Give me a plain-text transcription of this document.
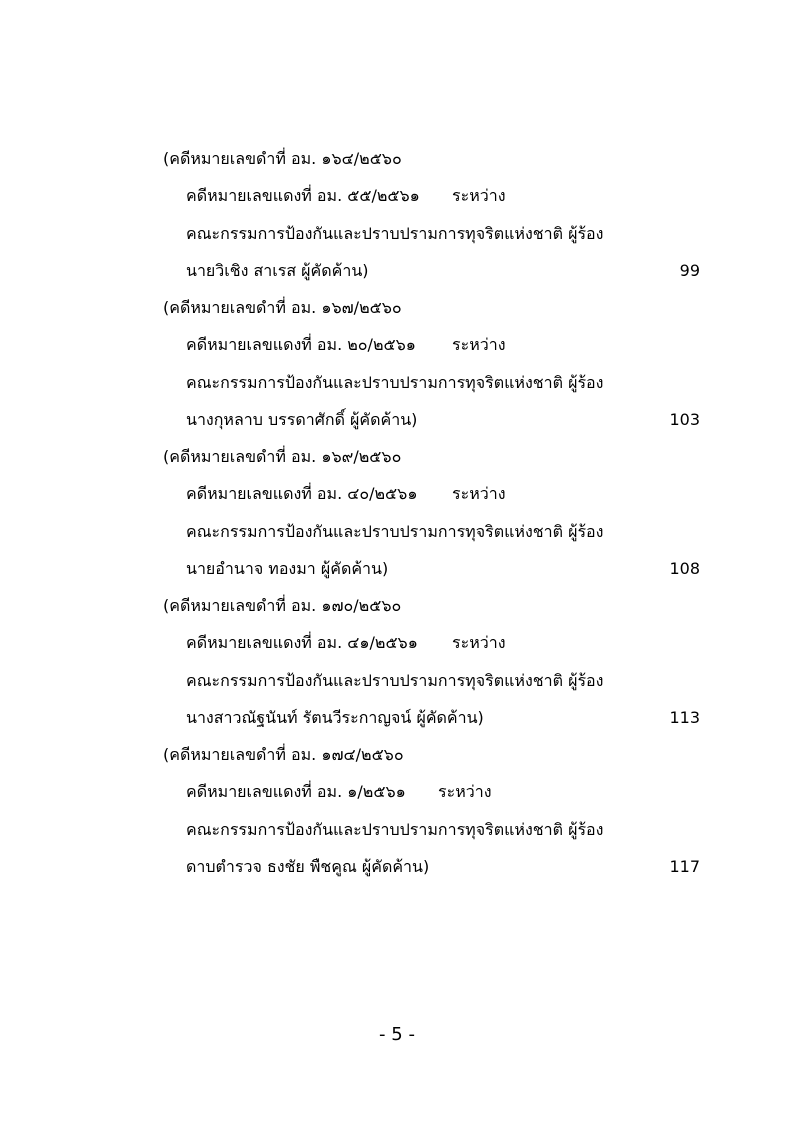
(คดีหมายเลขดำที่ อม. ๑๖๔/๒๕๖๐
คดีหมายเลขแดงที่ อม. ๕๕/๒๕๖๑ ระหว่าง
คณะกรรมการป้องกันและปราบปรามการทุจริตแห่งชาติ ผู้ร้อง
นายวิเชิง สาเรส ผู้คัดค้าน)	99
(คดีหมายเลขดำที่ อม. ๑๖๗/๒๕๖๐
คดีหมายเลขแดงที่ อม. ๒๐/๒๕๖๑ ระหว่าง
คณะกรรมการป้องกันและปราบปรามการทุจริตแห่งชาติ ผู้ร้อง
นางกุหลาบ บรรดาศักดิ์ ผู้คัดค้าน)	103
(คดีหมายเลขดำที่ อม. ๑๖๙/๒๕๖๐
คดีหมายเลขแดงที่ อม. ๔๐/๒๕๖๑ ระหว่าง
คณะกรรมการป้องกันและปราบปรามการทุจริตแห่งชาติ ผู้ร้อง
นายอำนาจ ทองมา ผู้คัดค้าน)	108
(คดีหมายเลขดำที่ อม. ๑๗๐/๒๕๖๐
คดีหมายเลขแดงที่ อม. ๔๑/๒๕๖๑ ระหว่าง
คณะกรรมการป้องกันและปราบปรามการทุจริตแห่งชาติ ผู้ร้อง
นางสาวณัฐนันท์ รัตนวีระกาญจน์ ผู้คัดค้าน)	113
(คดีหมายเลขดำที่ อม. ๑๗๔/๒๕๖๐
คดีหมายเลขแดงที่ อม. ๑/๒๕๖๑ ระหว่าง
คณะกรรมการป้องกันและปราบปรามการทุจริตแห่งชาติ ผู้ร้อง
ดาบตำรวจ ธงชัย พืชคูณ ผู้คัดค้าน)	117
- 5 -
